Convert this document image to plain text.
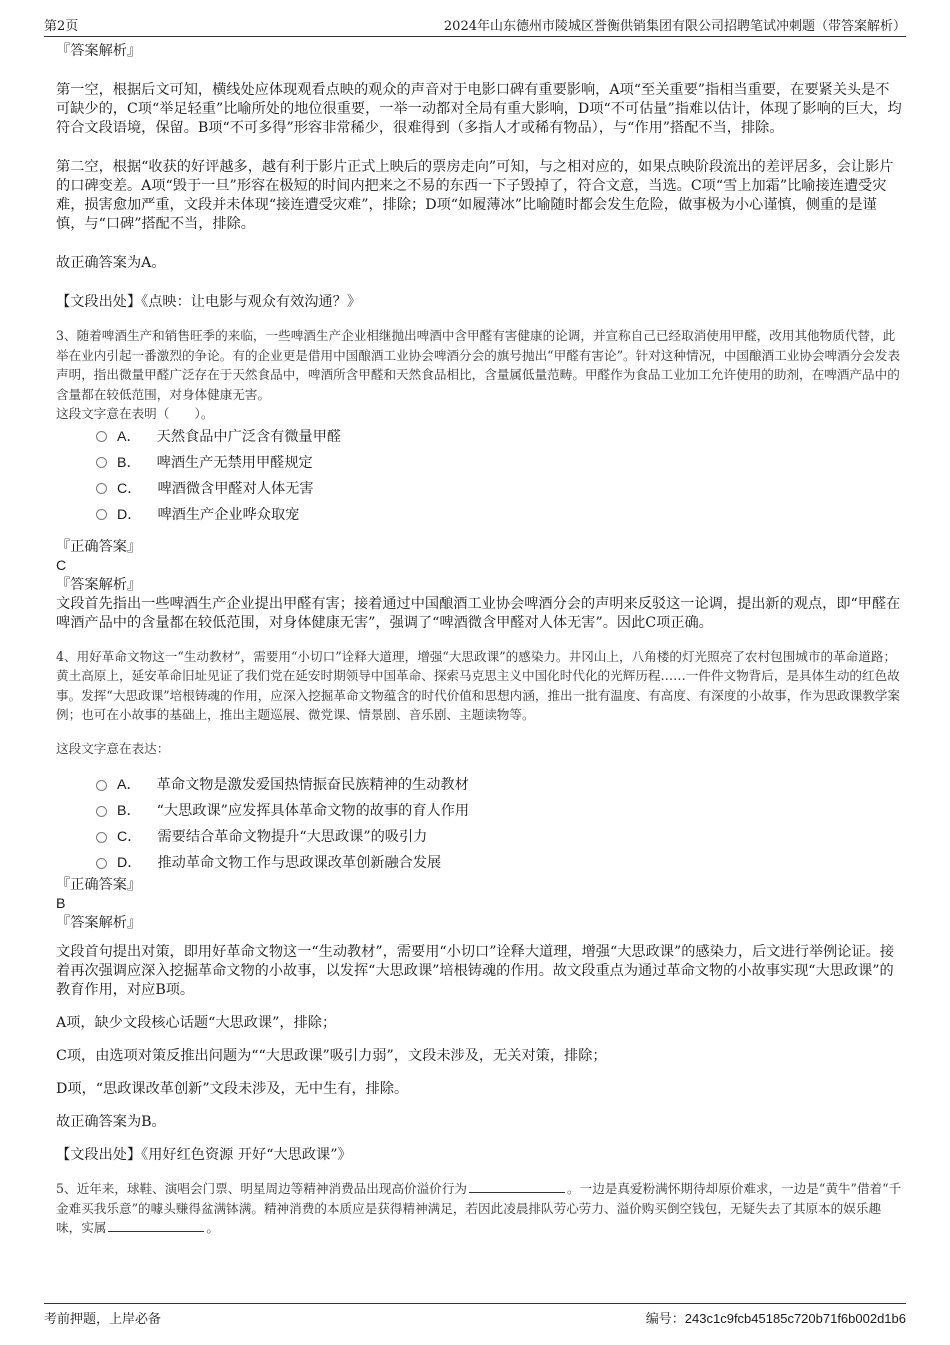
第2页	2024年山东德州市陵城区誉衡供销集团有限公司招聘笔试冲刺题（带答案解析）

『答案解析』

第一空，根据后文可知，横线处应体现观看点映的观众的声音对于电影口碑有重要影响，A项“至关重要”指相当重要，在要紧关头是不可缺少的，C项“举足轻重”比喻所处的地位很重要，一举一动都对全局有重大影响，D项“不可估量”指难以估计，体现了影响的巨大，均符合文段语境，保留。B项“不可多得”形容非常稀少，很难得到（多指人才或稀有物品），与“作用”搭配不当，排除。

第二空，根据“收获的好评越多，越有利于影片正式上映后的票房走向”可知，与之相对应的，如果点映阶段流出的差评居多，会让影片的口碑变差。A项“毁于一旦”形容在极短的时间内把来之不易的东西一下子毁掉了，符合文意，当选。C项“雪上加霜”比喻接连遭受灾难，损害愈加严重，文段并未体现“接连遭受灾难”，排除；D项“如履薄冰”比喻随时都会发生危险，做事极为小心谨慎，侧重的是谨慎，与“口碑”搭配不当，排除。

故正确答案为A。

【文段出处】《点映：让电影与观众有效沟通？》

3、随着啤酒生产和销售旺季的来临，一些啤酒生产企业相继抛出啤酒中含甲醛有害健康的论调，并宣称自己已经取消使用甲醛，改用其他物质代替，此举在业内引起一番激烈的争论。有的企业更是借用中国酿酒工业协会啤酒分会的旗号抛出“甲醛有害论”。针对这种情况，中国酿酒工业协会啤酒分会发表声明，指出微量甲醛广泛存在于天然食品中，啤酒所含甲醛和天然食品相比，含量属低量范畴。甲醛作为食品工业加工允许使用的助剂，在啤酒产品中的含量都在较低范围，对身体健康无害。

这段文字意在表明（　　）。

A． 天然食品中广泛含有微量甲醛
B． 啤酒生产无禁用甲醛规定
C． 啤酒微含甲醛对人体无害
D． 啤酒生产企业哗众取宠

『正确答案』

C

『答案解析』

文段首先指出一些啤酒生产企业提出甲醛有害；接着通过中国酿酒工业协会啤酒分会的声明来反驳这一论调，提出新的观点，即“甲醛在啤酒产品中的含量都在较低范围，对身体健康无害”，强调了“啤酒微含甲醛对人体无害”。因此C项正确。

4、用好革命文物这一“生动教材”，需要用“小切口”诠释大道理，增强“大思政课”的感染力。井冈山上，八角楼的灯光照亮了农村包围城市的革命道路；黄土高原上，延安革命旧址见证了我们党在延安时期领导中国革命、探索马克思主义中国化时代化的光辉历程……一件件文物背后，是具体生动的红色故事。发挥“大思政课”培根铸魂的作用，应深入挖掘革命文物蕴含的时代价值和思想内涵，推出一批有温度、有高度、有深度的小故事，作为思政课教学案例；也可在小故事的基础上，推出主题巡展、微党课、情景剧、音乐剧、主题读物等。

这段文字意在表达：

A． 革命文物是激发爱国热情振奋民族精神的生动教材
B． “大思政课”应发挥具体革命文物的故事的育人作用
C． 需要结合革命文物提升“大思政课”的吸引力
D． 推动革命文物工作与思政课改革创新融合发展

『正确答案』

B

『答案解析』

文段首句提出对策，即用好革命文物这一“生动教材”，需要用“小切口”诠释大道理，增强“大思政课”的感染力，后文进行举例论证。接着再次强调应深入挖掘革命文物的小故事，以发挥“大思政课”培根铸魂的作用。故文段重点为通过革命文物的小故事实现“大思政课”的教育作用，对应B项。

A项，缺少文段核心话题“大思政课”，排除；

C项，由选项对策反推出问题为““大思政课”吸引力弱”，文段未涉及，无关对策，排除；

D项，“思政课改革创新”文段未涉及，无中生有，排除。

故正确答案为B。

【文段出处】《用好红色资源 开好“大思政课”》

5、近年来，球鞋、演唱会门票、明星周边等精神消费品出现高价溢价行为	。一边是真爱粉满怀期待却原价难求，一边是“黄牛”借着“千金难买我乐意”的噱头赚得盆满钵满。精神消费的本质应是获得精神满足，若因此凌晨排队劳心劳力、溢价购买倒空钱包，无疑失去了其原本的娱乐趣味，实属	。

考前押题，上岸必备	编号：243c1c9fcb45185c720b71f6b002d1b6
